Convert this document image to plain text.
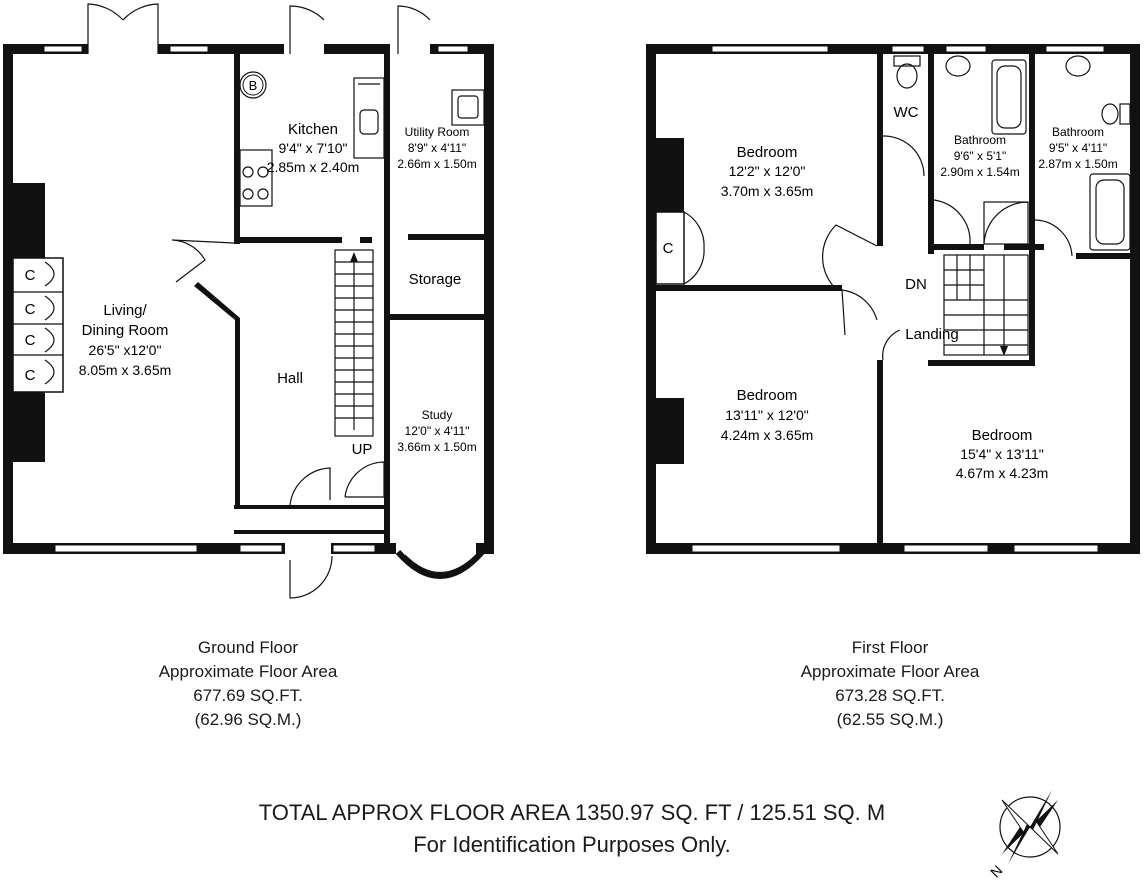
B
Kitchen
9'4" x 7'10"
2.85m x 2.40m
Utility Room
8'9" x 4'11"
2.66m x 1.50m
Living/
Dining Room
26'5" x12'0"
8.05m x 3.65m	Hall
Storage
Study
12'0" x 4'11"
3.66m x 1.50m
UP
C
C
C
C
Bedroom
12'2" x 12'0"
3.70m x 3.65m
C
Bedroom
13'11" x 12'0"
4.24m x 3.65m	Bedroom
15'4" x 13'11"
4.67m x 4.23m
WC
Bathroom
9'6" x 5'1"
2.90m x 1.54m
Bathroom
9'5" x 4'11"
2.87m x 1.50m
Landing
DN
N
Ground Floor
Approximate Floor Area
677.69 SQ.FT.
(62.96 SQ.M.)
First Floor
Approximate Floor Area
673.28 SQ.FT.
(62.55 SQ.M.)
TOTAL APPROX FLOOR AREA 1350.97 SQ. FT / 125.51 SQ. M
For Identification Purposes Only.
